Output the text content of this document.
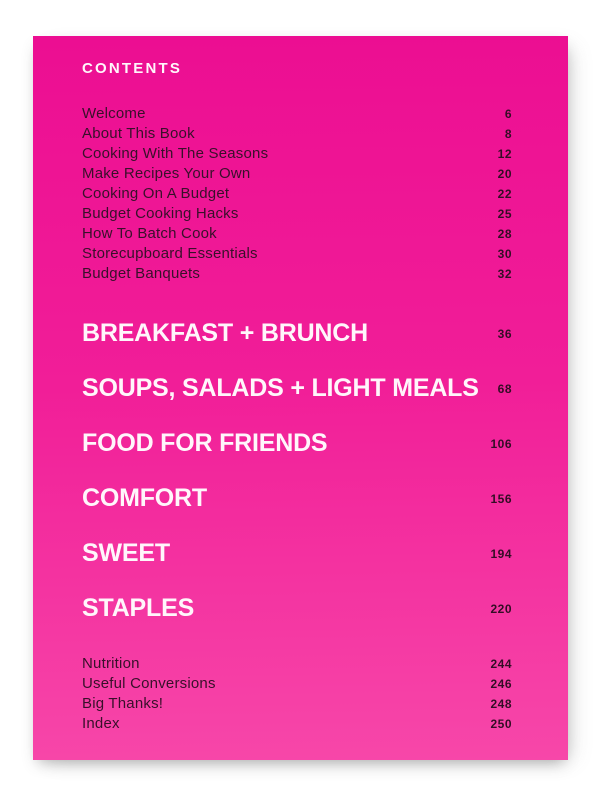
CONTENTS
Welcome	6
About This Book	8
Cooking With The Seasons	12
Make Recipes Your Own	20
Cooking On A Budget	22
Budget Cooking Hacks	25
How To Batch Cook	28
Storecupboard Essentials	30
Budget Banquets	32
BREAKFAST + BRUNCH	36
SOUPS, SALADS + LIGHT MEALS 68
FOOD FOR FRIENDS	106
COMFORT	156
SWEET	194
STAPLES	220
Nutrition	244
Useful Conversions	246
Big Thanks!	248
Index	250
